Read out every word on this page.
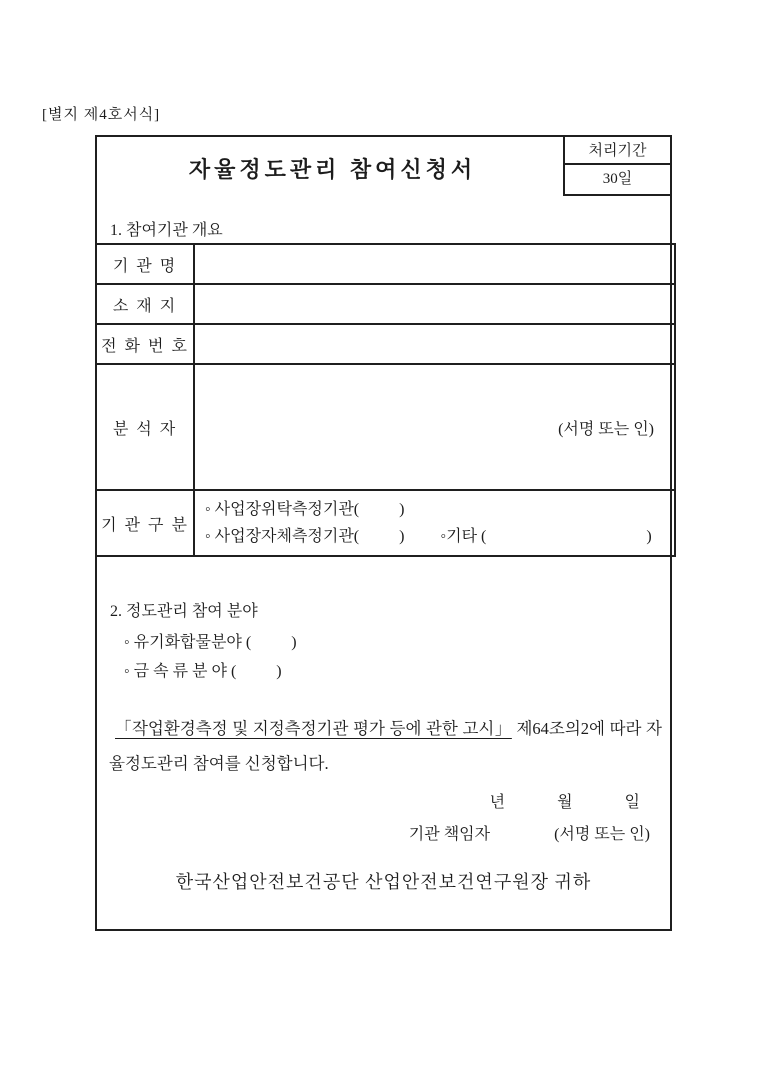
[별지 제4호서식]
자율정도관리 참여신청서
처리기간
30일
1. 참여기관 개요
기 관 명	
소 재 지	
전 화 번 호	
분 석 자	(서명 또는 인)
기 관 구 분	◦ 사업장위탁측정기관(          )
◦ 사업장자체측정기관(          ) ◦기타 (                                        )
2. 정도관리 참여 분야
◦ 유기화합물분야 (          )
◦ 금 속 류 분 야 (          )
「작업환경측정 및 지정측정기관 평가 등에 관한 고시」 제64조의2에 따라 자율정도관리 참여를 신청합니다.
년             월             일
기관 책임자	(서명 또는 인)
한국산업안전보건공단 산업안전보건연구원장 귀하
